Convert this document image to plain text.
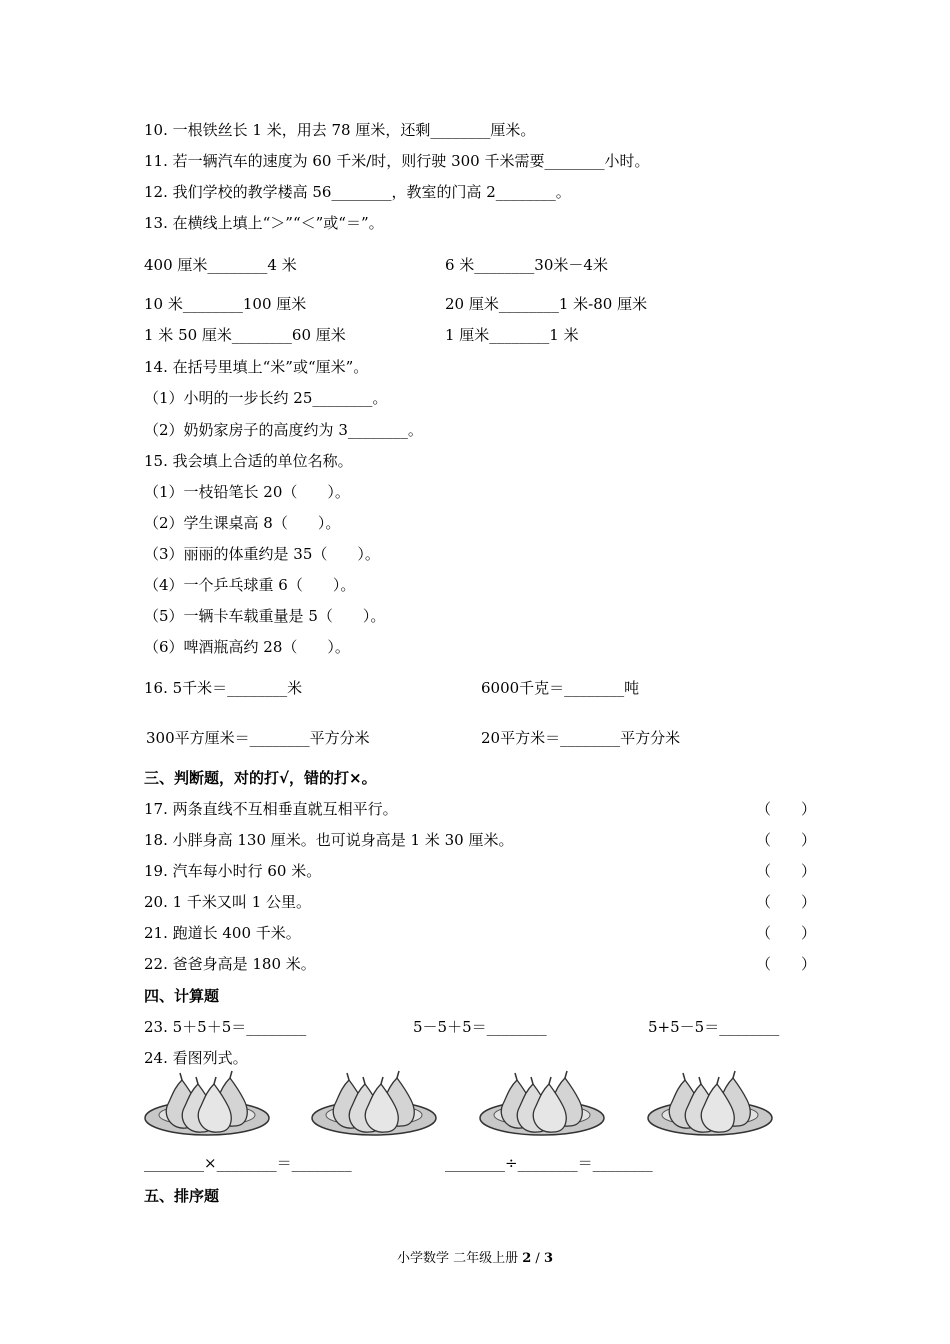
10. 一根铁丝长 1 米，用去 78 厘米，还剩________厘米。
11. 若一辆汽车的速度为 60 千米/时，则行驶 300 千米需要________小时。
12. 我们学校的教学楼高 56________，教室的门高 2________。
13. 在横线上填上“＞”“＜”或“＝”。
400 厘米________4 米	6 米________30米－4米
10 米________100 厘米	20 厘米________1 米-80 厘米
1 米 50 厘米________60 厘米	1 厘米________1 米
14. 在括号里填上“米”或“厘米”。
（1）小明的一步长约 25________。
（2）奶奶家房子的高度约为 3________。
15. 我会填上合适的单位名称。
（1）一枝铅笔长 20（　　）。
（2）学生课桌高 8（　　）。
（3）丽丽的体重约是 35（　　）。
（4）一个乒乓球重 6（　　）。
（5）一辆卡车载重量是 5（　　）。
（6）啤酒瓶高约 28（　　）。
16. 5千米＝________米	6000千克＝________吨
300平方厘米＝________平方分米	20平方米＝________平方分米
三、判断题，对的打√，错的打×。
17. 两条直线不互相垂直就互相平行。	（　　）
18. 小胖身高 130 厘米。也可说身高是 1 米 30 厘米。	（　　）
19. 汽车每小时行 60 米。	（　　）
20. 1 千米又叫 1 公里。	（　　）
21. 跑道长 400 千米。	（　　）
22. 爸爸身高是 180 米。	（　　）
四、计算题
23. 5＋5＋5＝________	5－5＋5＝________	5+5－5＝________
24. 看图列式。
________×________＝________	________÷________＝________
五、排序题
小学数学 二年级上册 2 / 3
